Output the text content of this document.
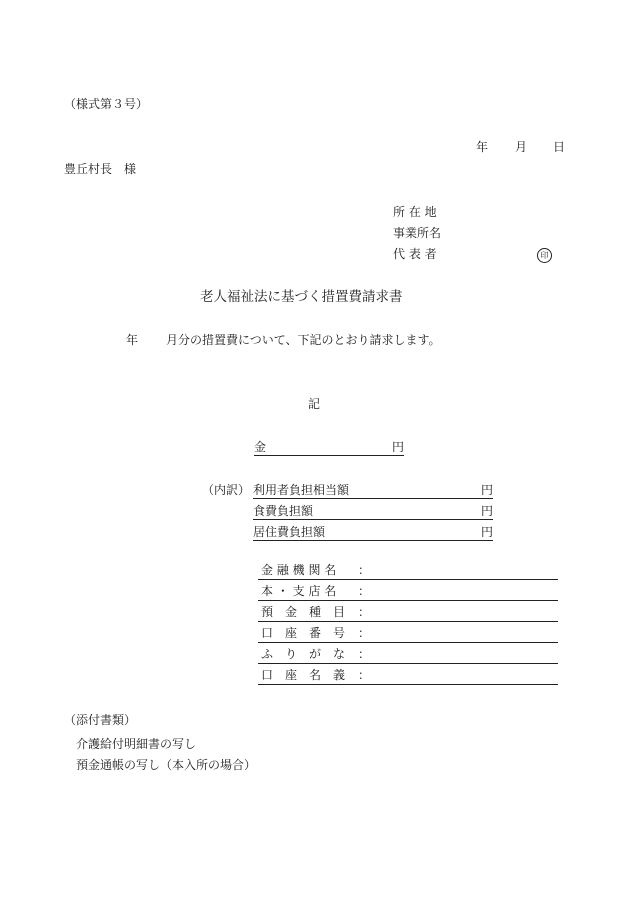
（様式第３号）
年 月 日
豊丘村長　様
所 在 地
事業所名
代 表 者	印
老人福祉法に基づく措置費請求書
年 月分の措置費について、下記のとおり請求します。
記
金	円
（内訳） 利用者負担相当額	円
食費負担額	円
居住費負担額	円
金 融 機 関 名 ：
本 ・ 支 店 名 ：
預　金　種　目 ：
口　座　番　号 ：
ふ　り　が　な ：
口　座　名　義 ：
（添付書類）
介護給付明細書の写し
預金通帳の写し（本入所の場合）
